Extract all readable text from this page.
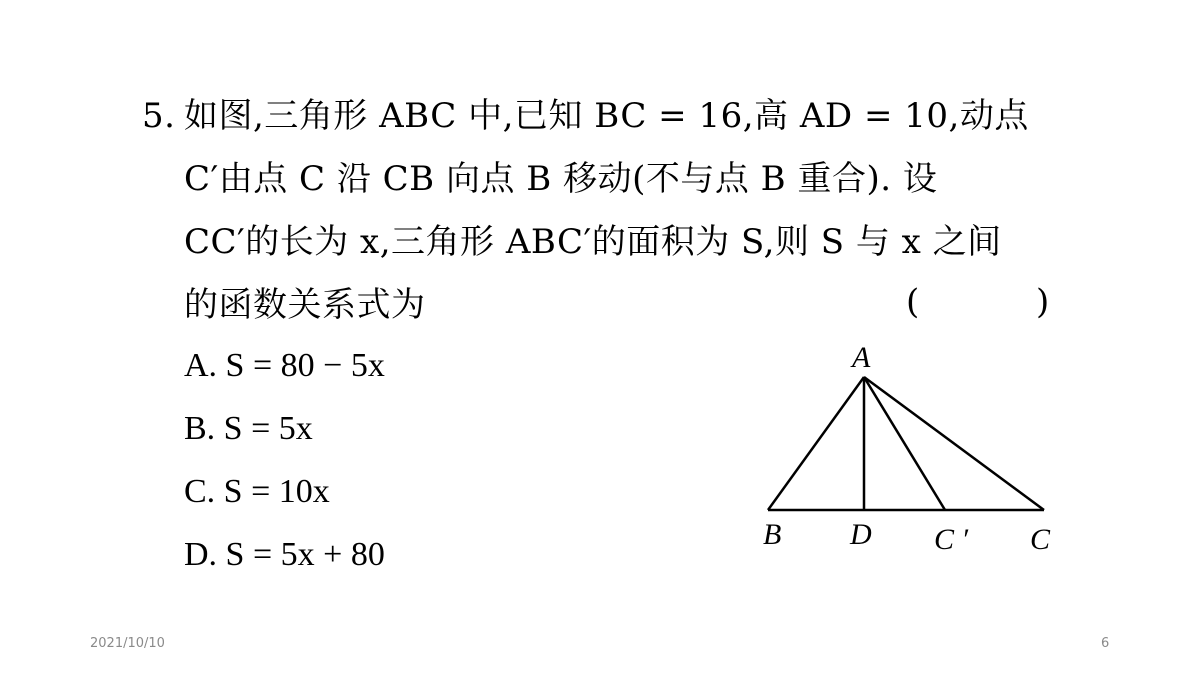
5. 如图,三角形 ABC 中,已知 BC = 16,高 AD = 10,动点
C′由点 C 沿 CB 向点 B 移动(不与点 B 重合). 设
CC′的长为 x,三角形 ABC′的面积为 S,则 S 与 x 之间
的函数关系式为	(	)
A. S = 80 − 5x
B. S = 5x
C. S = 10x
D. S = 5x + 80
A
B D C ′ C
2021/10/10	6
